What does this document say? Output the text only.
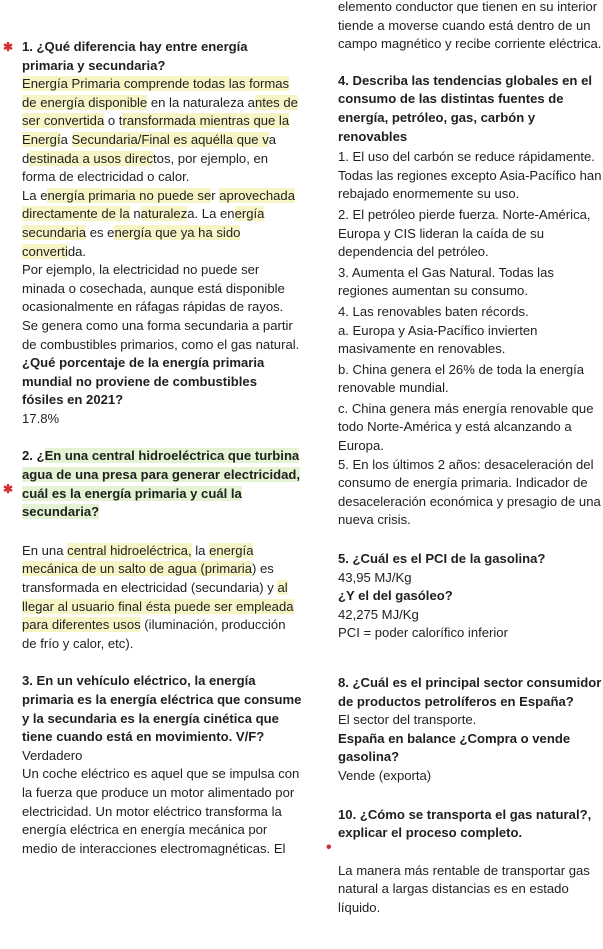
✱
✱
•

1. ¿Qué diferencia hay entre energía primaria y secundaria?

Energía Primaria comprende todas las formas de energía disponible en la naturaleza antes de ser convertida o transformada mientras que la Energía Secundaria/Final es aquélla que va destinada a usos directos, por ejemplo, en forma de electricidad o calor.

La energía primaria no puede ser aprovechada directamente de la naturaleza. La energía secundaria es energía que ya ha sido convertida.

Por ejemplo, la electricidad no puede ser minada o cosechada, aunque está disponible ocasionalmente en ráfagas rápidas de rayos. Se genera como una forma secundaria a partir de combustibles primarios, como el gas natural.

¿Qué porcentaje de la energía primaria mundial no proviene de combustibles fósiles en 2021?

17.8%

2. ¿En una central hidroeléctrica que turbina agua de una presa para generar electricidad, cuál es la energía primaria y cuál la secundaria?

En una central hidroeléctrica, la energía mecánica de un salto de agua (primaria) es transformada en electricidad (secundaria) y al llegar al usuario final ésta puede ser empleada para diferentes usos (iluminación, producción de frío y calor, etc).

3. En un vehículo eléctrico, la energía primaria es la energía eléctrica que consume y la secundaria es la energía cinética que tiene cuando está en movimiento. V/F?

Verdadero

Un coche eléctrico es aquel que se impulsa con la fuerza que produce un motor alimentado por electricidad. Un motor eléctrico transforma la energía eléctrica en energía mecánica por medio de interacciones electromagnéticas. El

elemento conductor que tienen en su interior tiende a moverse cuando está dentro de un campo magnético y recibe corriente eléctrica.

4. Describa las tendencias globales en el consumo de las distintas fuentes de energía, petróleo, gas, carbón y renovables

1. El uso del carbón se reduce rápidamente. Todas las regiones excepto Asia-Pacífico han rebajado enormemente su uso.

2. El petróleo pierde fuerza. Norte-América, Europa y CIS lideran la caída de su dependencia del petróleo.

3. Aumenta el Gas Natural. Todas las regiones aumentan su consumo.

4. Las renovables baten récords.

a. Europa y Asia-Pacífico invierten masivamente en renovables.

b. China genera el 26% de toda la energía renovable mundial.

c. China genera más energía renovable que todo Norte-América y está alcanzando a Europa.

5. En los últimos 2 años: desaceleración del consumo de energía primaria. Indicador de desaceleración económica y presagio de una nueva crisis.

5. ¿Cuál es el PCI de la gasolina?

43,95 MJ/Kg

¿Y el del gasóleo?

42,275 MJ/Kg

PCI = poder calorífico inferior

8. ¿Cuál es el principal sector consumidor de productos petrolíferos en España?

El sector del transporte.

España en balance ¿Compra o vende gasolina?

Vende (exporta)

10. ¿Cómo se transporta el gas natural?, explicar el proceso completo.

La manera más rentable de transportar gas natural a largas distancias es en estado líquido.
